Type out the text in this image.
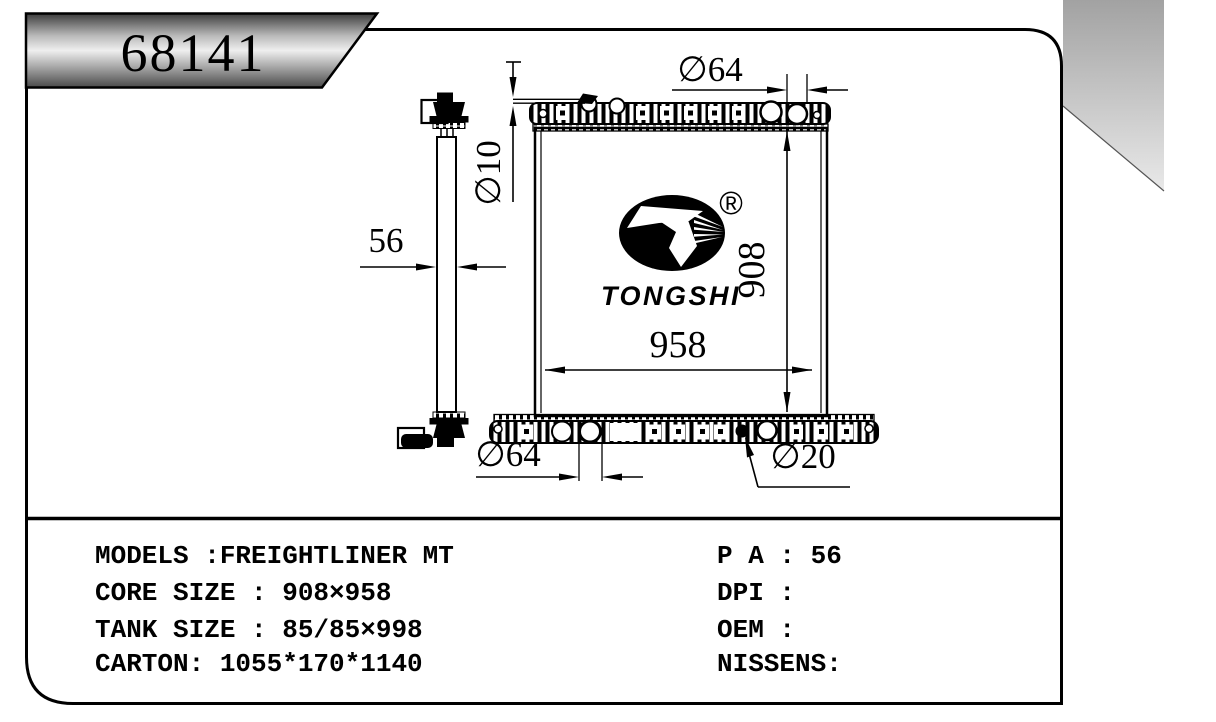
68141
®
TONGSHI
56
∅10
∅64
908
958
∅64	∅20
MODELS :FREIGHTLINER MT
CORE SIZE : 908×958
TANK SIZE : 85/85×998
CARTON: 1055*170*1140
P A : 56
DPI :
OEM :
NISSENS:
